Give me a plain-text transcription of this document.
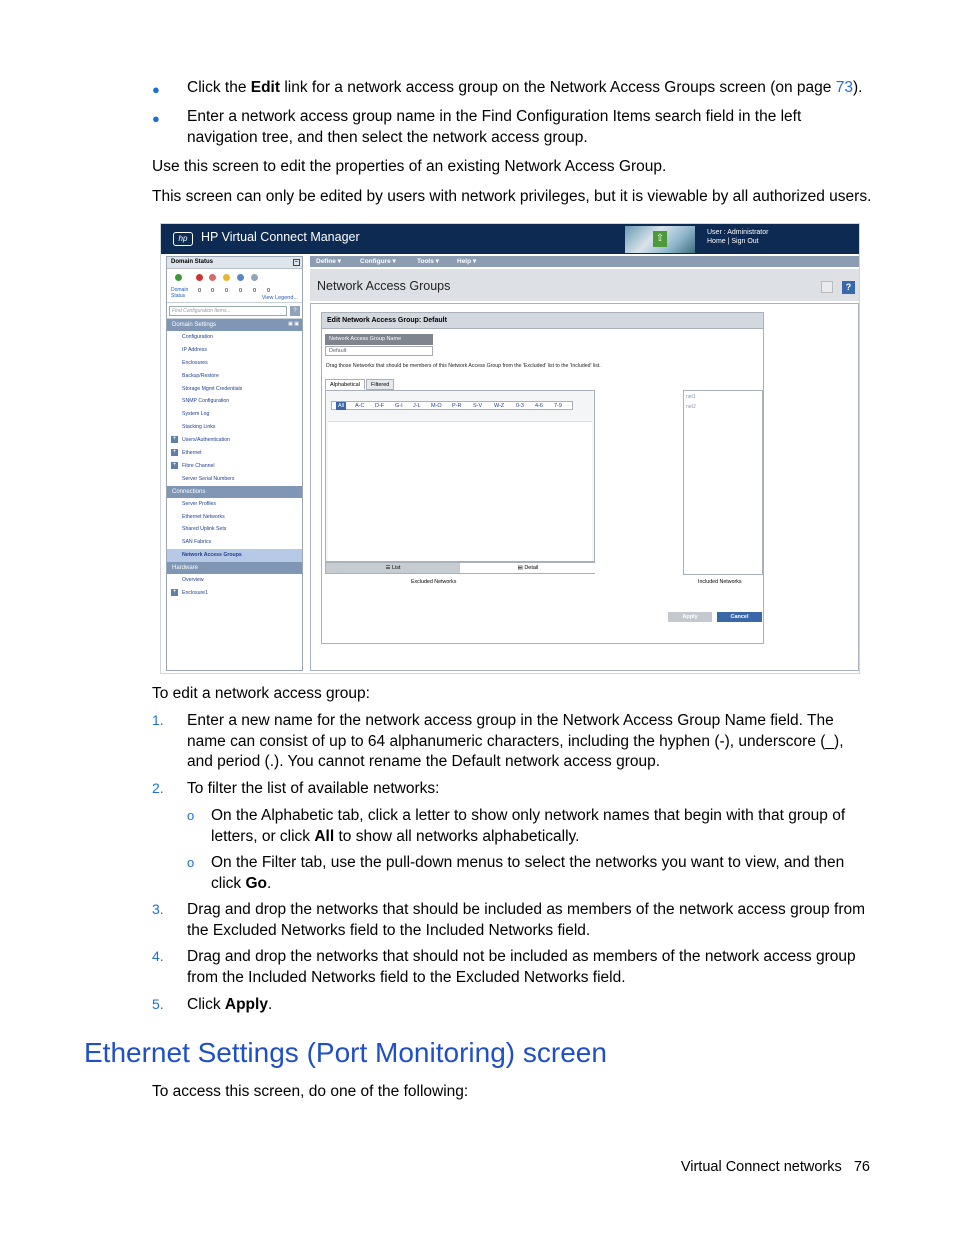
● Click the Edit link for a network access group on the Network Access Groups screen (on page 73).
● Enter a network access group name in the Find Configuration Items search field in the left navigation tree, and then select the network access group.
Use this screen to edit the properties of an existing Network Access Group.
This screen can only be edited by users with network privileges, but it is viewable by all authorized users.
hp	HP Virtual Connect Manager	⇧
User : Administrator
Home | Sign Out
Domain Status	−
Domain Status
0 0 0 0 0 0
View Legend...
Find Configuration Items...	?
Domain Settings	▣ ▣
Configuration
IP Address
Enclosures
Backup/Restore
Storage Mgmt Credentials
SNMP Configuration
System Log
Stacking Links
+	Users/Authentication
+	Ethernet
+	Fibre Channel
Server Serial Numbers
Connections
Server Profiles
Ethernet Networks
Shared Uplink Sets
SAN Fabrics
Network Access Groups
Hardware
Overview
+	Enclosure1
Define ▾	Configure ▾	Tools ▾	Help ▾
Network Access Groups	?
Edit Network Access Group: Default
Network Access Group Name
Default
Drag those Networks that should be members of this Network Access Group from the 'Excluded' list to the 'Included' list.
Alphabetical	Filtered
All	A-C D-F G-I J-L M-O P-R S-V W-Z 0-3 4-6 7-9
☰ List	▤ Detail
Excluded Networks
net1
net2
Included Networks
Apply	Cancel
To edit a network access group:
1. Enter a new name for the network access group in the Network Access Group Name field. The name can consist of up to 64 alphanumeric characters, including the hyphen (-), underscore (_), and period (.). You cannot rename the Default network access group.
2. To filter the list of available networks:
o On the Alphabetic tab, click a letter to show only network names that begin with that group of letters, or click All to show all networks alphabetically.
o On the Filter tab, use the pull-down menus to select the networks you want to view, and then click Go.
3. Drag and drop the networks that should be included as members of the network access group from the Excluded Networks field to the Included Networks field.
4. Drag and drop the networks that should not be included as members of the network access group from the Included Networks field to the Excluded Networks field.
5. Click Apply.
Ethernet Settings (Port Monitoring) screen
To access this screen, do one of the following:
Virtual Connect networks 76
